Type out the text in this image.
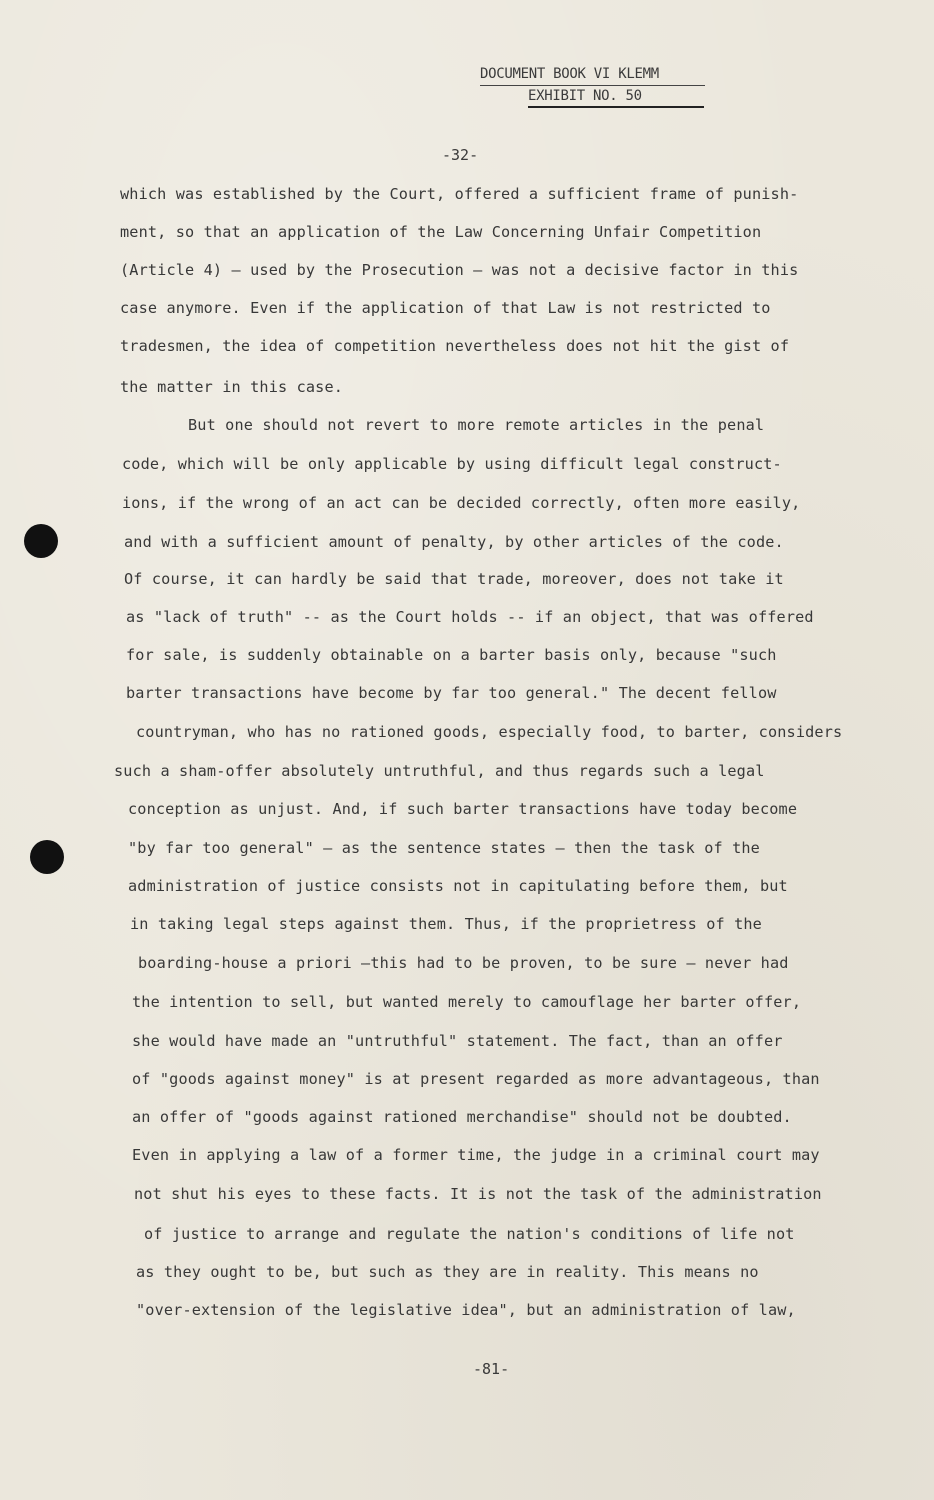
DOCUMENT BOOK VI KLEMM
EXHIBIT NO. 50
-32-
which was established by the Court, offered a sufficient frame of punish-
ment, so that an application of the Law Concerning Unfair Competition
(Article 4) — used by the Prosecution — was not a decisive factor in this
case anymore. Even if the application of that Law is not restricted to
tradesmen, the idea of competition nevertheless does not hit the gist of
the matter in this case.
But one should not revert to more remote articles in the penal
code, which will be only applicable by using difficult legal construct-
ions, if the wrong of an act can be decided correctly, often more easily,
and with a sufficient amount of penalty, by other articles of the code.
Of course, it can hardly be said that trade, moreover, does not take it
as "lack of truth" -- as the Court holds -- if an object, that was offered
for sale, is suddenly obtainable on a barter basis only, because "such
barter transactions have become by far too general." The decent fellow
countryman, who has no rationed goods, especially food, to barter, considers
such a sham-offer absolutely untruthful, and thus regards such a legal
conception as unjust. And, if such barter transactions have today become
"by far too general" — as the sentence states — then the task of the
administration of justice consists not in capitulating before them, but
in taking legal steps against them. Thus, if the proprietress of the
boarding-house a priori —this had to be proven, to be sure — never had
the intention to sell, but wanted merely to camouflage her barter offer,
she would have made an "untruthful" statement. The fact, than an offer
of "goods against money" is at present regarded as more advantageous, than
an offer of "goods against rationed merchandise" should not be doubted.
Even in applying a law of a former time, the judge in a criminal court may
not shut his eyes to these facts. It is not the task of the administration
of justice to arrange and regulate the nation's conditions of life not
as they ought to be, but such as they are in reality. This means no
"over-extension of the legislative idea", but an administration of law,
-81-
